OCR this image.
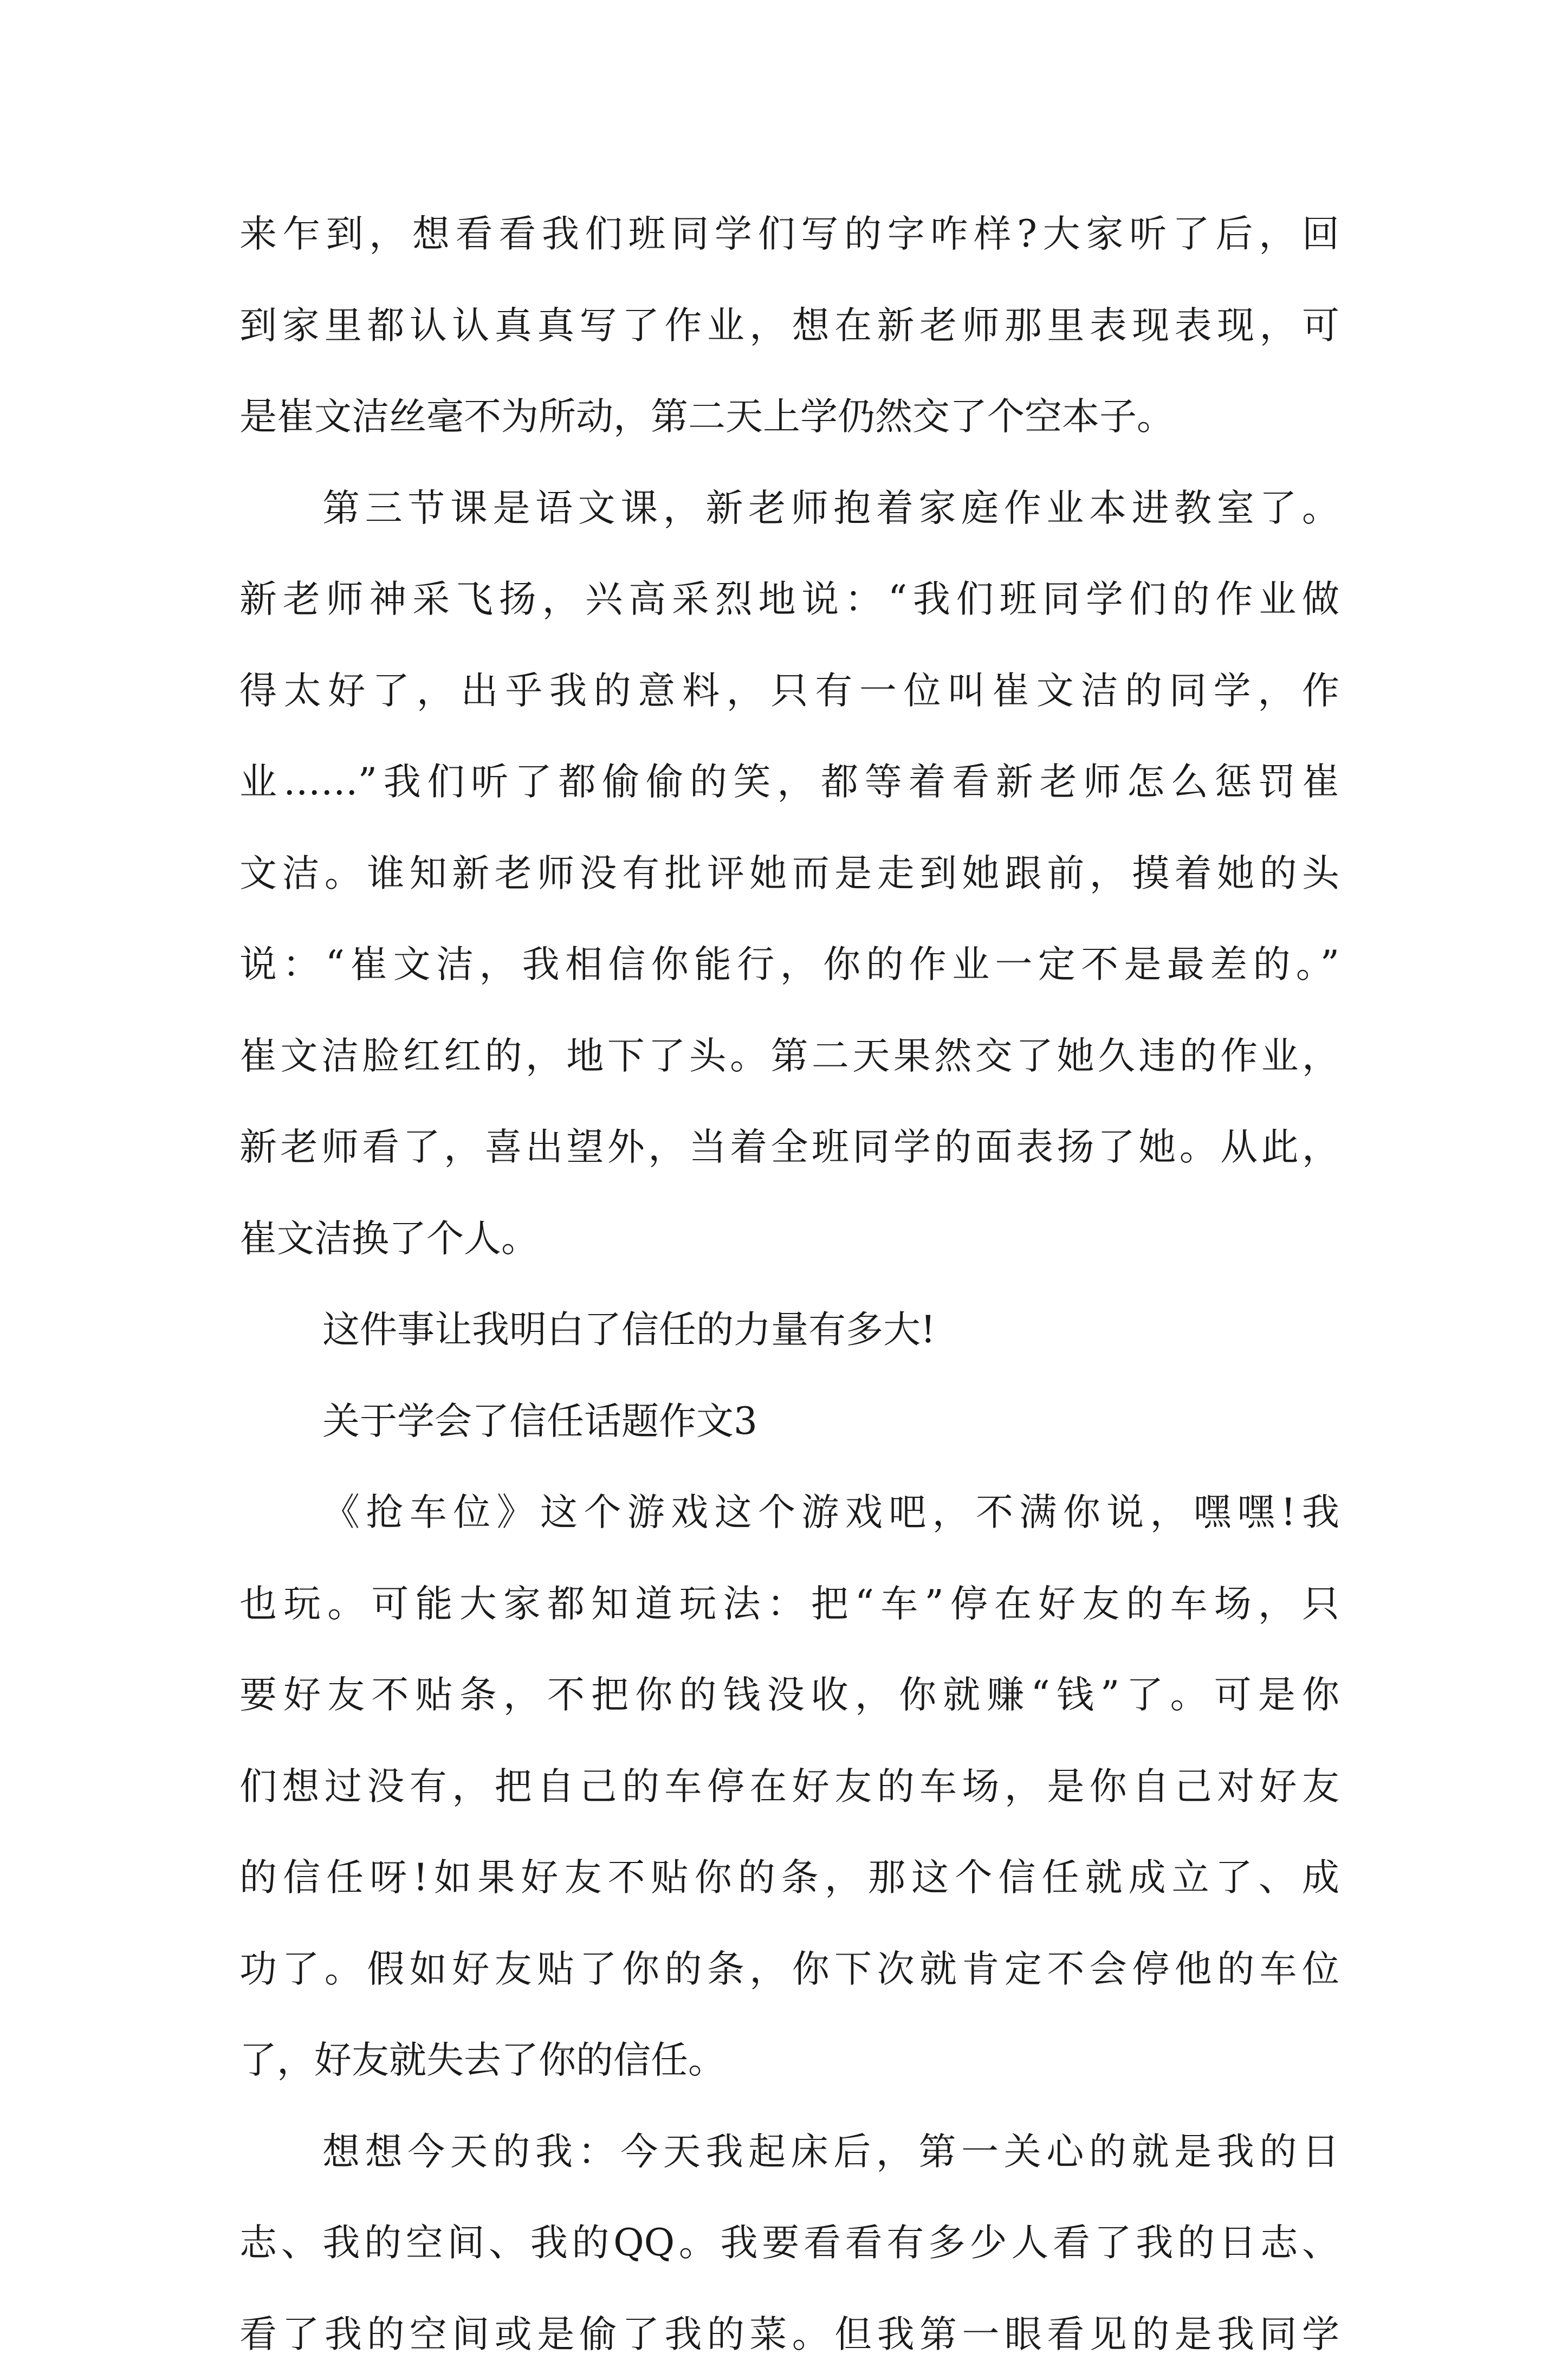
来乍到，想看看我们班同学们写的字咋样?大家听了后，回
到家里都认认真真写了作业，想在新老师那里表现表现，可
是崔文洁丝毫不为所动，第二天上学仍然交了个空本子。
第三节课是语文课，新老师抱着家庭作业本进教室了。
新老师神采飞扬，兴高采烈地说：“我们班同学们的作业做
得太好了，出乎我的意料，只有一位叫崔文洁的同学，作
业……”我们听了都偷偷的笑，都等着看新老师怎么惩罚崔
文洁。谁知新老师没有批评她而是走到她跟前，摸着她的头
说：“崔文洁，我相信你能行，你的作业一定不是最差的。”
崔文洁脸红红的，地下了头。第二天果然交了她久违的作业，
新老师看了，喜出望外，当着全班同学的面表扬了她。从此，
崔文洁换了个人。
这件事让我明白了信任的力量有多大!
关于学会了信任话题作文3
《抢车位》这个游戏这个游戏吧，不满你说，嘿嘿!我
也玩。可能大家都知道玩法：把“车”停在好友的车场，只
要好友不贴条，不把你的钱没收，你就赚“钱”了。可是你
们想过没有，把自己的车停在好友的车场，是你自己对好友
的信任呀!如果好友不贴你的条，那这个信任就成立了、成
功了。假如好友贴了你的条，你下次就肯定不会停他的车位
了，好友就失去了你的信任。
想想今天的我：今天我起床后，第一关心的就是我的日
志、我的空间、我的QQ。我要看看有多少人看了我的日志、
看了我的空间或是偷了我的菜。但我第一眼看见的是我同学
